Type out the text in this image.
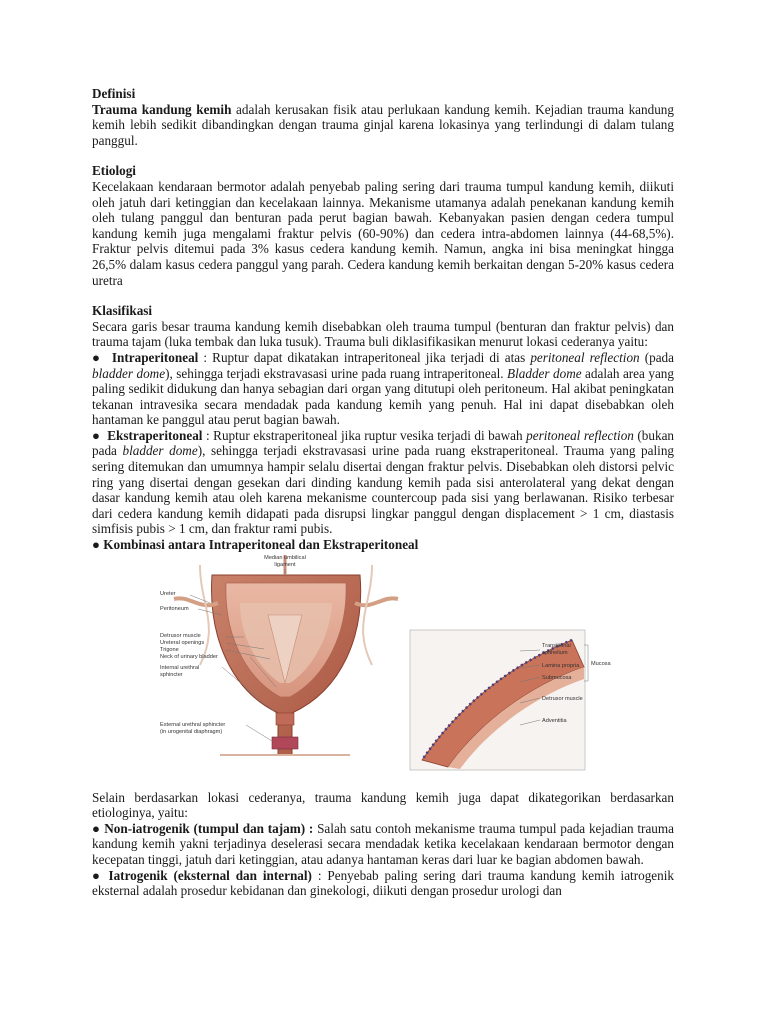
Definisi

Trauma kandung kemih adalah kerusakan fisik atau perlukaan kandung kemih. Kejadian trauma kandung kemih lebih sedikit dibandingkan dengan trauma ginjal karena lokasinya yang terlindungi di dalam tulang panggul.

Etiologi

Kecelakaan kendaraan bermotor adalah penyebab paling sering dari trauma tumpul kandung kemih, diikuti oleh jatuh dari ketinggian dan kecelakaan lainnya. Mekanisme utamanya adalah penekanan kandung kemih oleh tulang panggul dan benturan pada perut bagian bawah. Kebanyakan pasien dengan cedera tumpul kandung kemih juga mengalami fraktur pelvis (60-90%) dan cedera intra-abdomen lainnya (44-68,5%). Fraktur pelvis ditemui pada 3% kasus cedera kandung kemih. Namun, angka ini bisa meningkat hingga 26,5% dalam kasus cedera panggul yang parah. Cedera kandung kemih berkaitan dengan 5-20% kasus cedera uretra

Klasifikasi

Secara garis besar trauma kandung kemih disebabkan oleh trauma tumpul (benturan dan fraktur pelvis) dan trauma tajam (luka tembak dan luka tusuk). Trauma buli diklasifikasikan menurut lokasi cederanya yaitu:

● Intraperitoneal : Ruptur dapat dikatakan intraperitoneal jika terjadi di atas peritoneal reflection (pada bladder dome), sehingga terjadi ekstravasasi urine pada ruang intraperitoneal. Bladder dome adalah area yang paling sedikit didukung dan hanya sebagian dari organ yang ditutupi oleh peritoneum. Hal akibat peningkatan tekanan intravesika secara mendadak pada kandung kemih yang penuh. Hal ini dapat disebabkan oleh hantaman ke panggul atau perut bagian bawah.

● Ekstraperitoneal : Ruptur ekstraperitoneal jika ruptur vesika terjadi di bawah peritoneal reflection (bukan pada bladder dome), sehingga terjadi ekstravasasi urine pada ruang ekstraperitoneal. Trauma yang paling sering ditemukan dan umumnya hampir selalu disertai dengan fraktur pelvis. Disebabkan oleh distorsi pelvic ring yang disertai dengan gesekan dari dinding kandung kemih pada sisi anterolateral yang dekat dengan dasar kandung kemih atau oleh karena mekanisme countercoup pada sisi yang berlawanan. Risiko terbesar dari cedera kandung kemih didapati pada disrupsi lingkar panggul dengan displacement > 1 cm, diastasis simfisis pubis > 1 cm, dan fraktur rami pubis.

● Kombinasi antara Intraperitoneal dan Ekstraperitoneal

Median umbilical
ligament
Ureter
Peritoneum
Detrusor muscle
Ureteral openings
Trigone
Neck of urinary bladder
Internal urethral
sphincter
External urethral sphincter
(in urogenital diaphragm)
Transitional
epithelium
Lamina propria
Submucosa
Mucosa
Detrusor muscle
Adventitia

Selain berdasarkan lokasi cederanya, trauma kandung kemih juga dapat dikategorikan berdasarkan etiologinya, yaitu:

● Non-iatrogenik (tumpul dan tajam) : Salah satu contoh mekanisme trauma tumpul pada kejadian trauma kandung kemih yakni terjadinya deselerasi secara mendadak ketika kecelakaan kendaraan bermotor dengan kecepatan tinggi, jatuh dari ketinggian, atau adanya hantaman keras dari luar ke bagian abdomen bawah.

● Iatrogenik (eksternal dan internal) : Penyebab paling sering dari trauma kandung kemih iatrogenik eksternal adalah prosedur kebidanan dan ginekologi, diikuti dengan prosedur urologi dan
